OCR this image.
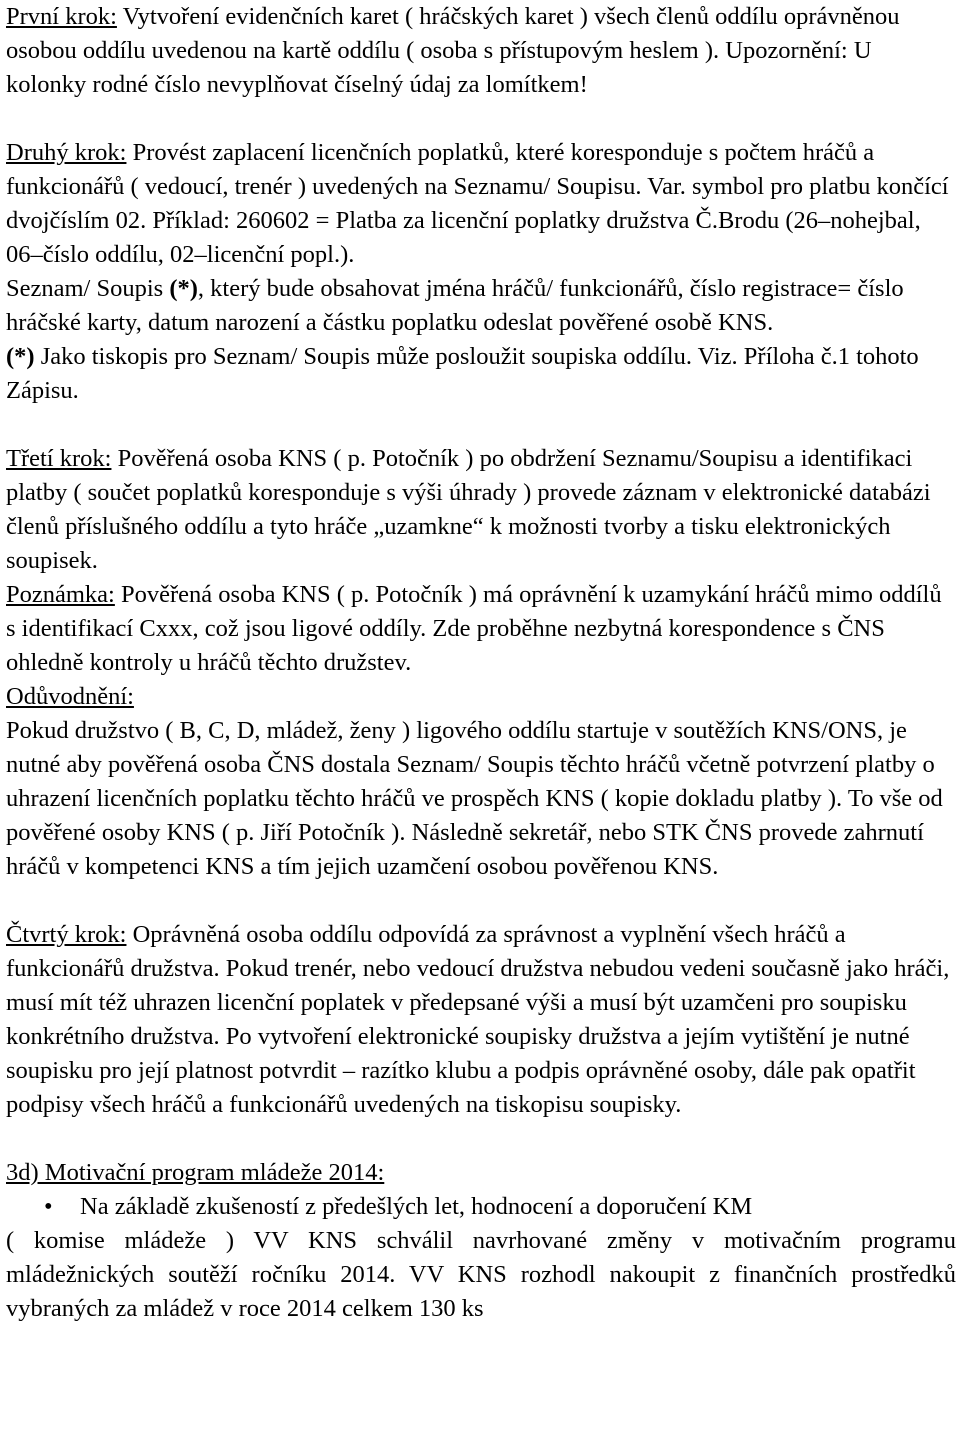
První krok: Vytvoření evidenčních karet ( hráčských karet ) všech členů oddílu oprávněnou osobou oddílu uvedenou na kartě oddílu ( osoba s přístupovým heslem ). Upozornění: U kolonky rodné číslo nevyplňovat číselný údaj za lomítkem!

Druhý krok: Provést zaplacení licenčních poplatků, které koresponduje s počtem hráčů a funkcionářů ( vedoucí, trenér ) uvedených na Seznamu/ Soupisu. Var. symbol pro platbu končící dvojčíslím 02. Příklad: 260602 = Platba za licenční poplatky družstva Č.Brodu (26–nohejbal, 06–číslo oddílu, 02–licenční popl.).

Seznam/ Soupis (*), který bude obsahovat jména hráčů/ funkcionářů, číslo registrace= číslo hráčské karty, datum narození a částku poplatku odeslat pověřené osobě KNS.

(*) Jako tiskopis pro Seznam/ Soupis může posloužit soupiska oddílu. Viz. Příloha č.1 tohoto Zápisu.

Třetí krok: Pověřená osoba KNS ( p. Potočník ) po obdržení Seznamu/Soupisu a identifikaci platby ( součet poplatků koresponduje s výši úhrady ) provede záznam v elektronické databázi členů příslušného oddílu a tyto hráče „uzamkne“ k možnosti tvorby a tisku elektronických soupisek.

Poznámka: Pověřená osoba KNS ( p. Potočník ) má oprávnění k uzamykání hráčů mimo oddílů s identifikací Cxxx, což jsou ligové oddíly. Zde proběhne nezbytná korespondence s ČNS ohledně kontroly u hráčů těchto družstev.

Odůvodnění:

Pokud družstvo ( B, C, D, mládež, ženy ) ligového oddílu startuje v soutěžích KNS/ONS, je nutné aby pověřená osoba ČNS dostala Seznam/ Soupis těchto hráčů včetně potvrzení platby o uhrazení licenčních poplatku těchto hráčů ve prospěch KNS ( kopie dokladu platby ). To vše od pověřené osoby KNS ( p. Jiří Potočník ). Následně sekretář, nebo STK ČNS provede zahrnutí hráčů v kompetenci KNS a tím jejich uzamčení osobou pověřenou KNS.

Čtvrtý krok: Oprávněná osoba oddílu odpovídá za správnost a vyplnění všech hráčů a funkcionářů družstva. Pokud trenér, nebo vedoucí družstva nebudou vedeni současně jako hráči, musí mít též uhrazen licenční poplatek v předepsané výši a musí být uzamčeni pro soupisku konkrétního družstva. Po vytvoření elektronické soupisky družstva a jejím vytištění je nutné soupisku pro její platnost potvrdit – razítko klubu a podpis oprávněné osoby, dále pak opatřit podpisy všech hráčů a funkcionářů uvedených na tiskopisu soupisky.

3d) Motivační program mládeže 2014:

• Na základě zkušeností z předešlých let, hodnocení a doporučení KM

( komise mládeže ) VV KNS schválil navrhované změny v motivačním programu mládežnických soutěží ročníku 2014. VV KNS rozhodl nakoupit z finančních prostředků vybraných za mládež v roce 2014 celkem 130 ks
